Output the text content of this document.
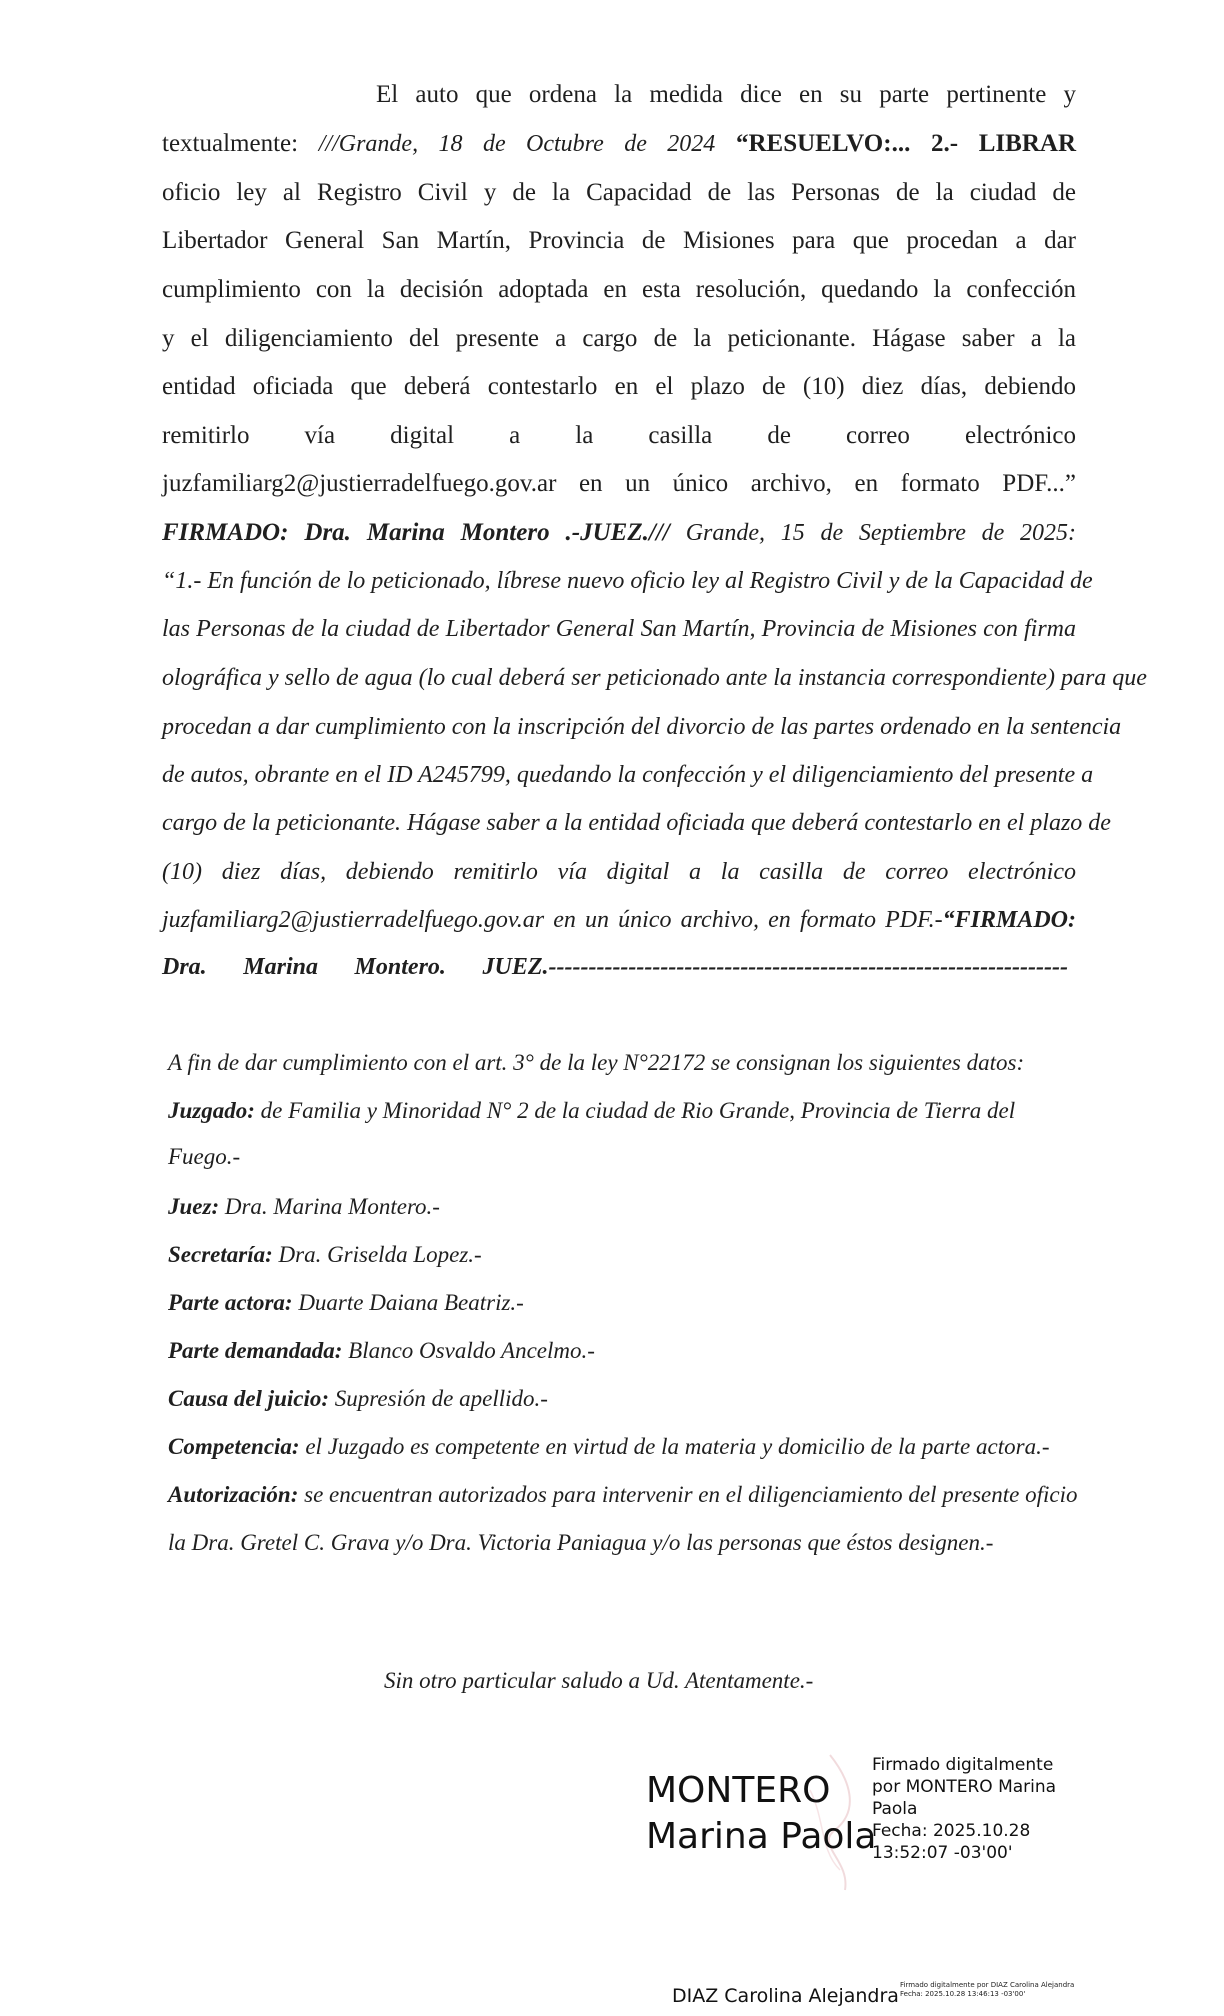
El auto que ordena la medida dice en su parte pertinente y
textualmente: ///Grande, 18 de Octubre de 2024 “RESUELVO:... 2.- LIBRAR
oficio ley al Registro Civil y de la Capacidad de las Personas de la ciudad de
Libertador General San Martín, Provincia de Misiones para que procedan a dar
cumplimiento con la decisión adoptada en esta resolución, quedando la confección
y el diligenciamiento del presente a cargo de la peticionante. Hágase saber a la
entidad oficiada que deberá contestarlo en el plazo de (10) diez días, debiendo
remitirlo vía digital a la casilla de correo electrónico
juzfamiliarg2@justierradelfuego.gov.ar en un único archivo, en formato PDF...”
FIRMADO: Dra. Marina Montero .-JUEZ./// Grande, 15 de Septiembre de 2025:
“1.- En función de lo peticionado, líbrese nuevo oficio ley al Registro Civil y de la Capacidad de
las Personas de la ciudad de Libertador General San Martín, Provincia de Misiones con firma
olográfica y sello de agua (lo cual deberá ser peticionado ante la instancia correspondiente) para que
procedan a dar cumplimiento con la inscripción del divorcio de las partes ordenado en la sentencia
de autos, obrante en el ID A245799, quedando la confección y el diligenciamiento del presente a
cargo de la peticionante. Hágase saber a la entidad oficiada que deberá contestarlo en el plazo de
(10) diez días, debiendo remitirlo vía digital a la casilla de correo electrónico
juzfamiliarg2@justierradelfuego.gov.ar en un único archivo, en formato PDF.-“FIRMADO:
Dra. Marina Montero. JUEZ.-----------------------------------------------------------------
A fin de dar cumplimiento con el art. 3° de la ley N°22172 se consignan los siguientes datos:
Juzgado: de Familia y Minoridad N° 2 de la ciudad de Rio Grande, Provincia de Tierra del
Fuego.-
Juez: Dra. Marina Montero.-
Secretaría: Dra. Griselda Lopez.-
Parte actora: Duarte Daiana Beatriz.-
Parte demandada: Blanco Osvaldo Ancelmo.-
Causa del juicio: Supresión de apellido.-
Competencia: el Juzgado es competente en virtud de la materia y domicilio de la parte actora.-
Autorización: se encuentran autorizados para intervenir en el diligenciamiento del presente oficio
la Dra. Gretel C. Grava y/o Dra. Victoria Paniagua y/o las personas que éstos designen.-
Sin otro particular saludo a Ud. Atentamente.-
MONTERO
Marina Paola
Firmado digitalmente
por MONTERO Marina
Paola
Fecha: 2025.10.28
13:52:07 -03'00'
DIAZ Carolina Alejandra Firmado digitalmente por DIAZ Carolina Alejandra
Fecha: 2025.10.28 13:46:13 -03'00'
